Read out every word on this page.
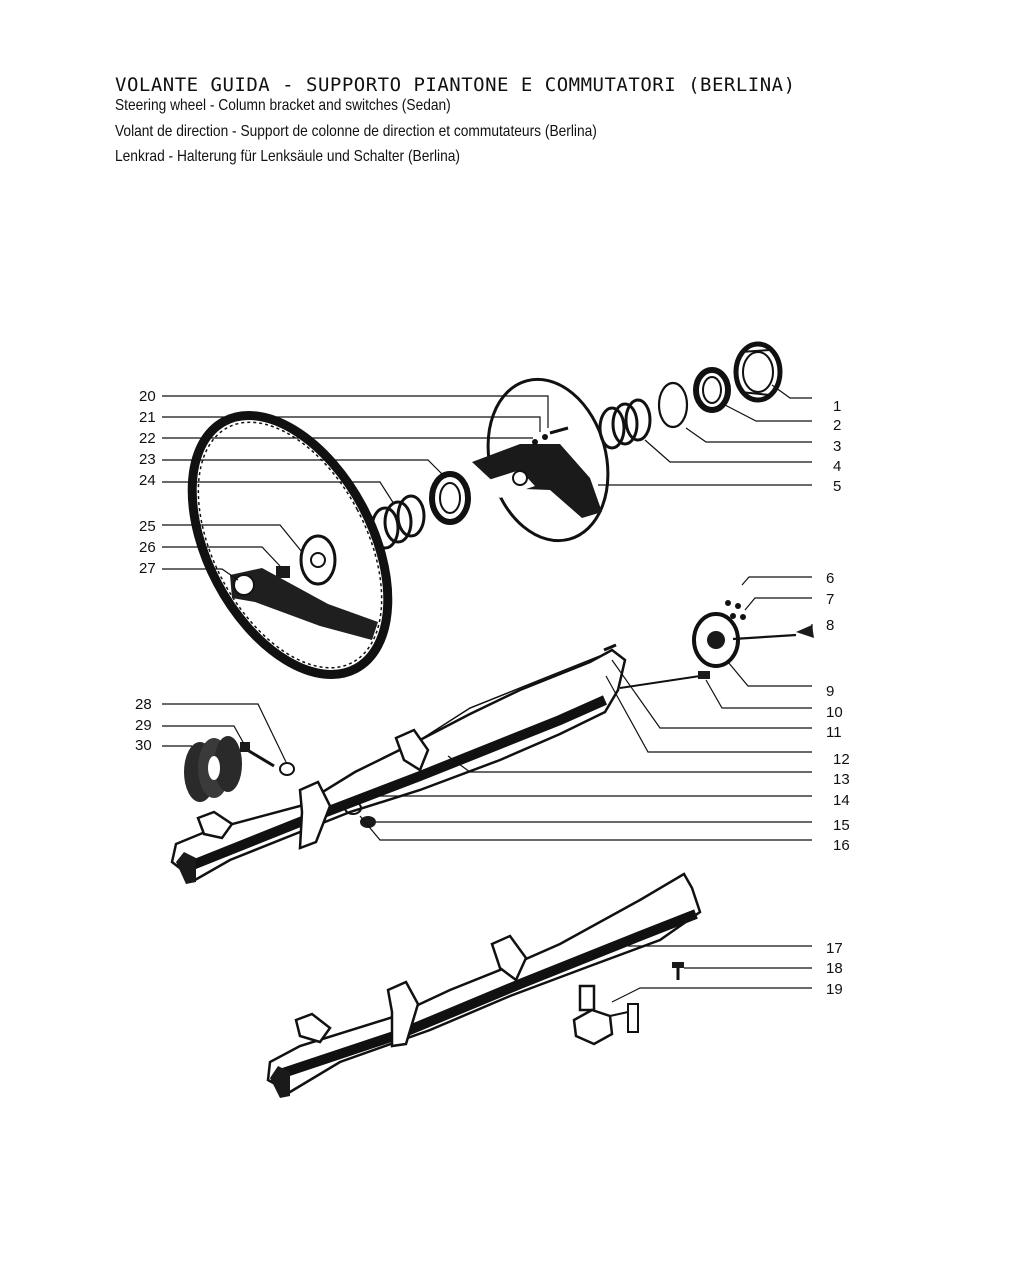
VOLANTE GUIDA - SUPPORTO PIANTONE E COMMUTATORI (BERLINA)
Steering wheel - Column bracket and switches (Sedan)
Volant de direction - Support de colonne de direction et commutateurs (Berlina)
Lenkrad - Halterung für Lenksäule und Schalter (Berlina)
1
2
3
4
5
6
7
8
9
10
11
12
13
14
15
16
17
18
19
20
21
22
23
24
25
26
27
28
29
30
